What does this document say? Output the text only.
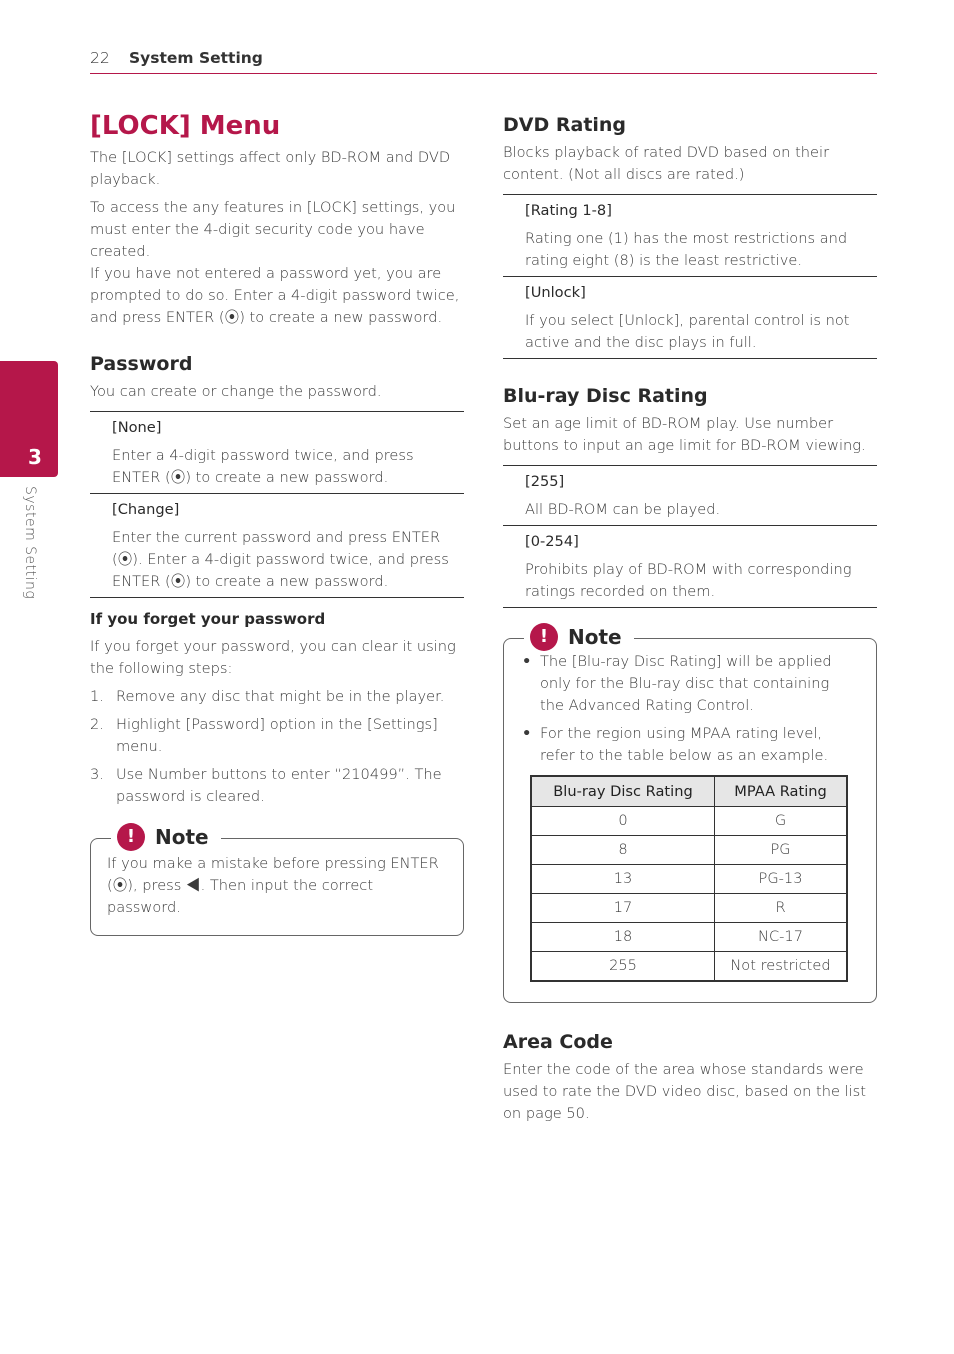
22 System Setting
3
System Setting
[LOCK] Menu

The [LOCK] settings affect only BD-ROM and DVD playback.

To access the any features in [LOCK] settings, you must enter the 4-digit security code you have created.

If you have not entered a password yet, you are prompted to do so. Enter a 4-digit password twice, and press ENTER (⦿) to create a new password.

Password

You can create or change the password.

[None]
Enter a 4-digit password twice, and press ENTER (⦿) to create a new password.
[Change]
Enter the current password and press ENTER (⦿). Enter a 4-digit password twice, and press ENTER (⦿) to create a new password.
If you forget your password

If you forget your password, you can clear it using the following steps:

1. Remove any disc that might be in the player.
2. Highlight [Password] option in the [Settings] menu.
3. Use Number buttons to enter “210499”. The password is cleared.
! Note

If you make a mistake before pressing ENTER (⦿), press ◀. Then input the correct password.

DVD Rating

Blocks playback of rated DVD based on their content. (Not all discs are rated.)

[Rating 1-8]
Rating one (1) has the most restrictions and rating eight (8) is the least restrictive.
[Unlock]
If you select [Unlock], parental control is not active and the disc plays in full.
Blu-ray Disc Rating

Set an age limit of BD-ROM play. Use number buttons to input an age limit for BD-ROM viewing.

[255]
All BD-ROM can be played.
[0-254]
Prohibits play of BD-ROM with corresponding ratings recorded on them.
! Note
• The [Blu-ray Disc Rating] will be applied only for the Blu-ray disc that containing the Advanced Rating Control.
• For the region using MPAA rating level, refer to the table below as an example.
Blu-ray Disc Rating	MPAA Rating
0	G
8	PG
13	PG-13
17	R
18	NC-17
255	Not restricted
Area Code

Enter the code of the area whose standards were used to rate the DVD video disc, based on the list on page 50.
